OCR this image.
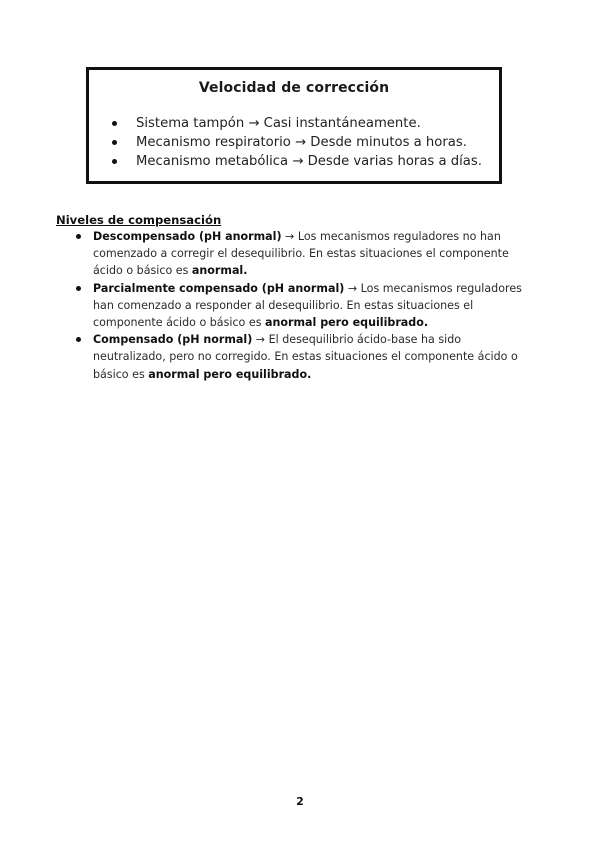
Velocidad de corrección
Sistema tampón → Casi instantáneamente.
Mecanismo respiratorio → Desde minutos a horas.
Mecanismo metabólica → Desde varias horas a días.
Niveles de compensación
Descompensado (pH anormal) → Los mecanismos reguladores no han comenzado a corregir el desequilibrio. En estas situaciones el componente ácido o básico es anormal.
Parcialmente compensado (pH anormal) → Los mecanismos reguladores han comenzado a responder al desequilibrio. En estas situaciones el componente ácido o básico es anormal pero equilibrado.
Compensado (pH normal) → El desequilibrio ácido-base ha sido neutralizado, pero no corregido. En estas situaciones el componente ácido o básico es anormal pero equilibrado.
2
